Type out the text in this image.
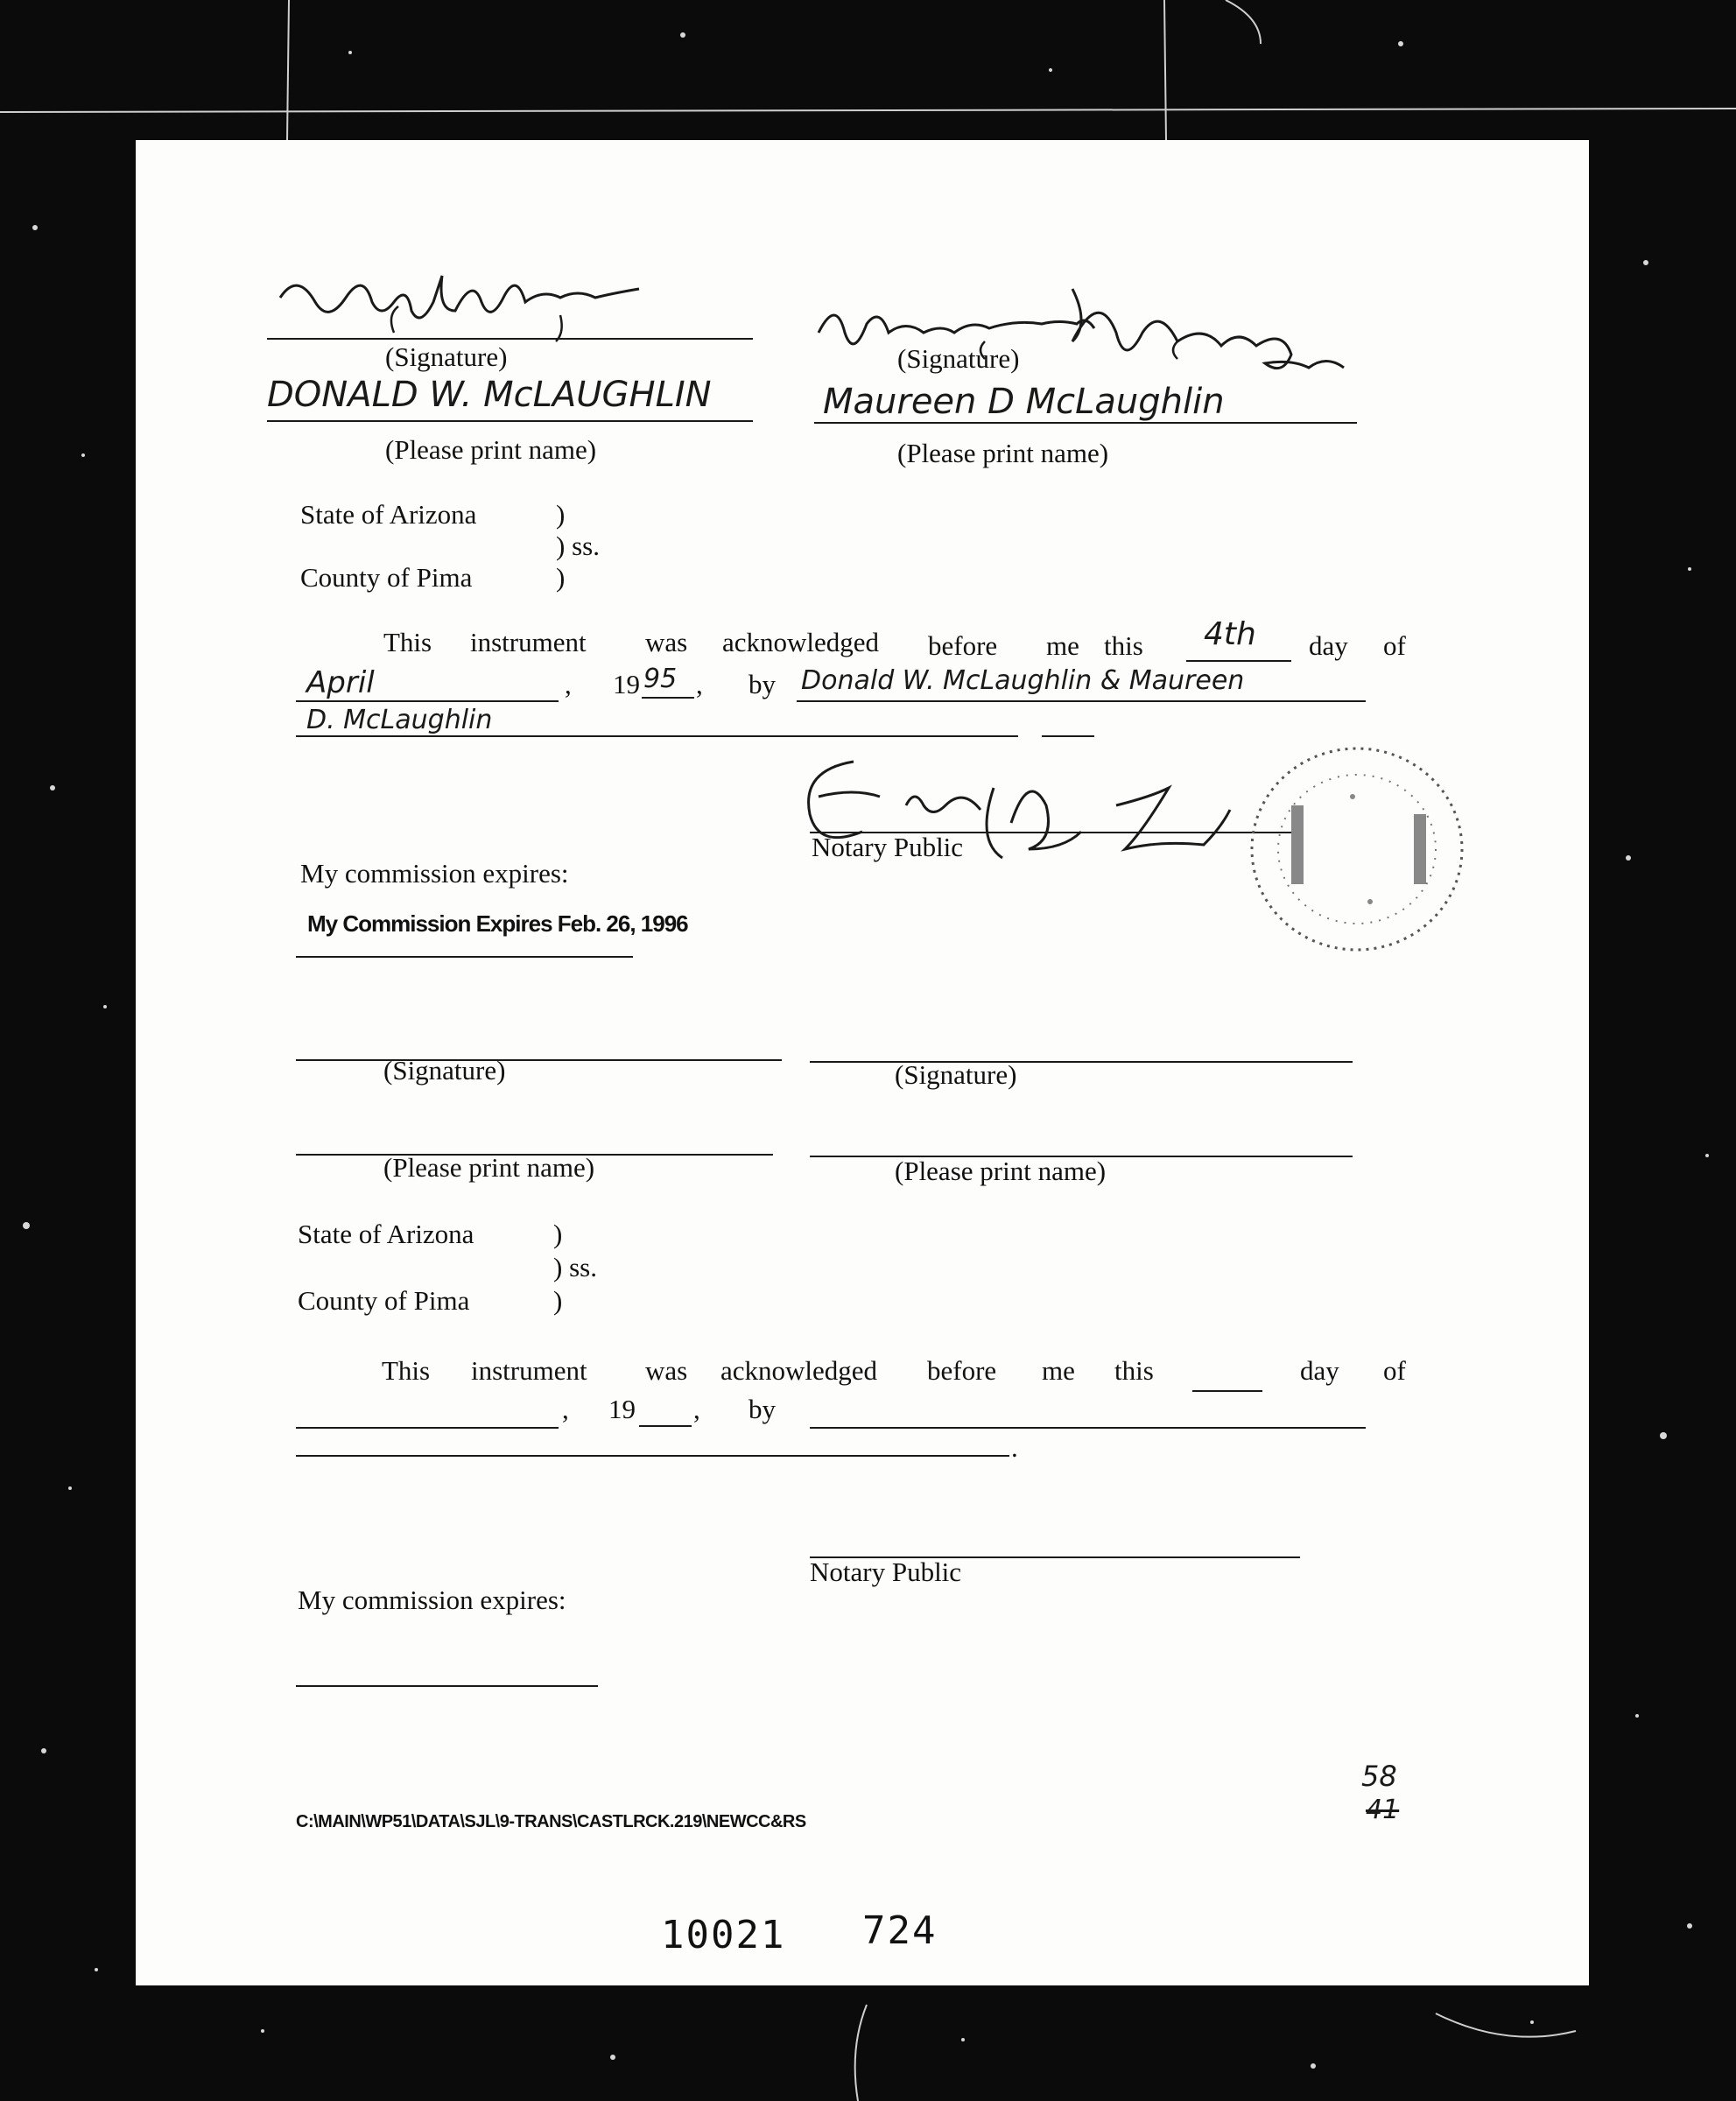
(Signature)	(Signature)
DONALD W. McLAUGHLIN
(Please print name)
Maureen D McLaughlin
(Please print name)
State of Arizona	)
) ss.
County of Pima	)
This instrument was acknowledged before me this 4th day of
April	, 19 95 , by Donald W. McLaughlin & Maureen
D. McLaughlin
Notary Public
My commission expires:
My Commission Expires Feb. 26, 1996
(Signature)	(Signature)
(Please print name)	(Please print name)
State of Arizona	)
) ss.
County of Pima	)
This instrument was acknowledged before me this	day of
, 19 , by
.
Notary Public
My commission expires:
58
41
C:\MAIN\WP51\DATA\SJL\9-TRANS\CASTLRCK.219\NEWCC&RS
10021 724
